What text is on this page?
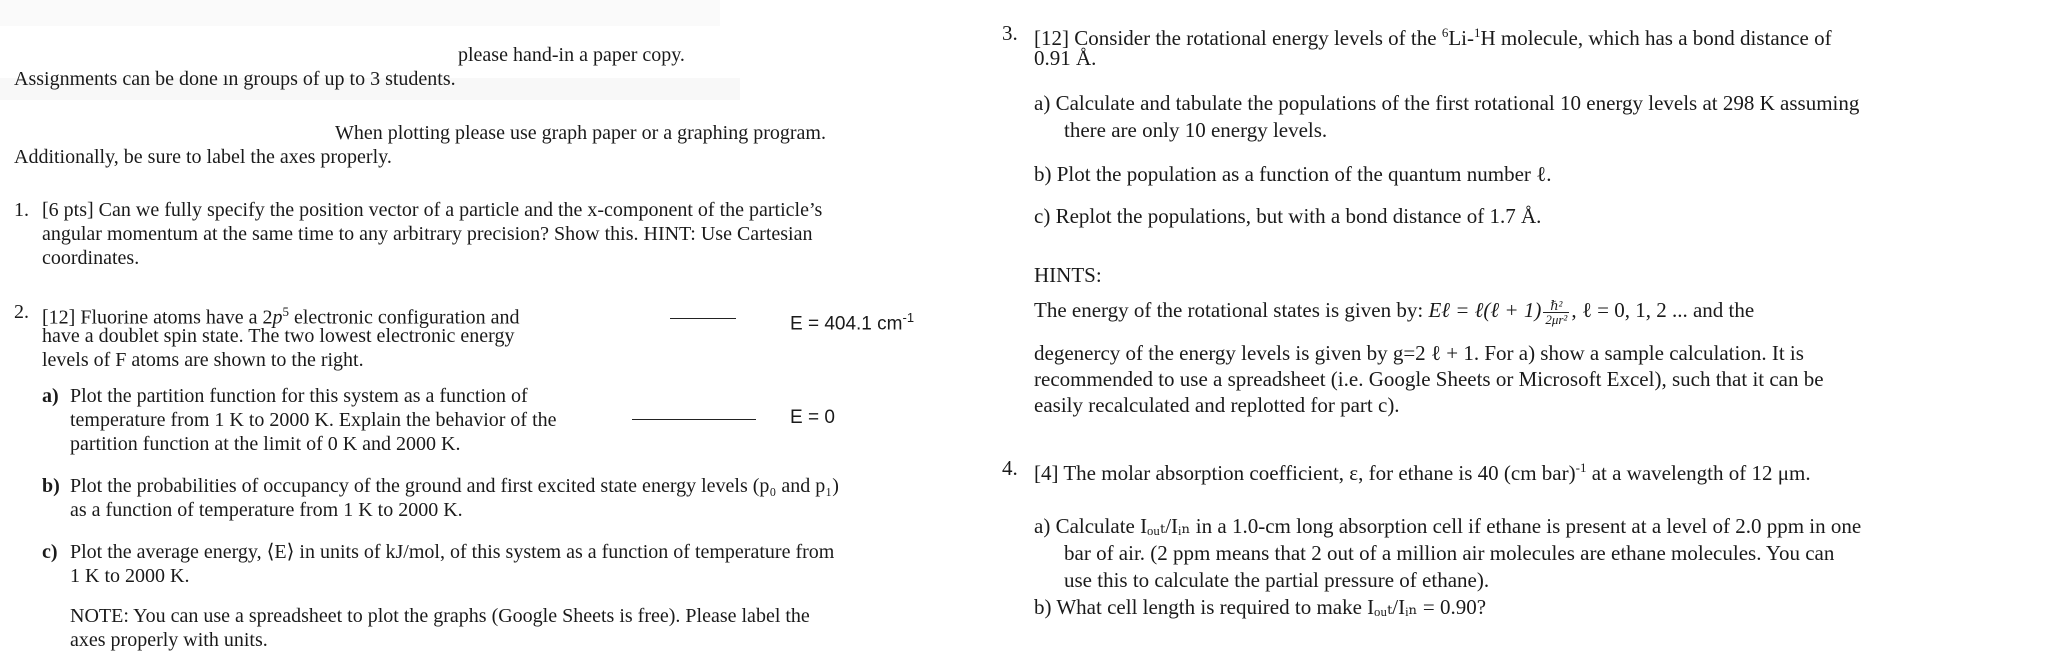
please hand-in a paper copy.
Assignments can be done ın groups of up to 3 students.
When plotting please use graph paper or a graphing program.
Additionally, be sure to label the axes properly.
1. [6 pts] Can we fully specify the position vector of a particle and the x-component of the particle’s
angular momentum at the same time to any arbitrary precision? Show this. HINT: Use Cartesian
coordinates.
2. [12] Fluorine atoms have a $2p^5$ electronic configuration and
have a doublet spin state. The two lowest electronic energy
levels of F atoms are shown to the right.
E = 404.1 $cm^{-1}$
E = 0
a) Plot the partition function for this system as a function of
temperature from 1 K to 2000 K. Explain the behavior of the
partition function at the limit of 0 K and 2000 K.
b) Plot the probabilities of occupancy of the ground and first excited state energy levels (p₀ and p₁)
as a function of temperature from 1 K to 2000 K.
c) Plot the average energy, ⟨E⟩ in units of kJ/mol, of this system as a function of temperature from
1 K to 2000 K.
NOTE: You can use a spreadsheet to plot the graphs (Google Sheets is free). Please label the
axes properly with units.
3. [12] Consider the rotational energy levels of the $^6$Li-$^1$H molecule, which has a bond distance of
0.91 Å.
a) Calculate and tabulate the populations of the first rotational 10 energy levels at 298 K assuming
there are only 10 energy levels.
b) Plot the population as a function of the quantum number ℓ.
c) Replot the populations, but with a bond distance of 1.7 Å.
HINTS:
The energy of the rotational states is given by: Eℓ = ℓ(ℓ + $1) \frac{\text{ℏ²}}{\text{2μr²}}$ , ℓ = 0, 1, 2 ... and the
degenercy of the energy levels is given by g=2 ℓ + 1. For a) show a sample calculation. It is
recommended to use a spreadsheet (i.e. Google Sheets or Microsoft Excel), such that it can be
easily recalculated and replotted for part c).
4. [4] The molar absorption coefficient, ε, for ethane is 40 (cm bar)$^{-1}$ at a wavelength of 12 μm.
a) Calculate Iₒᵤₜ/Iᵢₙ in a 1.0-cm long absorption cell if ethane is present at a level of 2.0 ppm in one
bar of air. (2 ppm means that 2 out of a million air molecules are ethane molecules. You can
use this to calculate the partial pressure of ethane).
b) What cell length is required to make Iₒᵤₜ/Iᵢₙ = 0.90?
